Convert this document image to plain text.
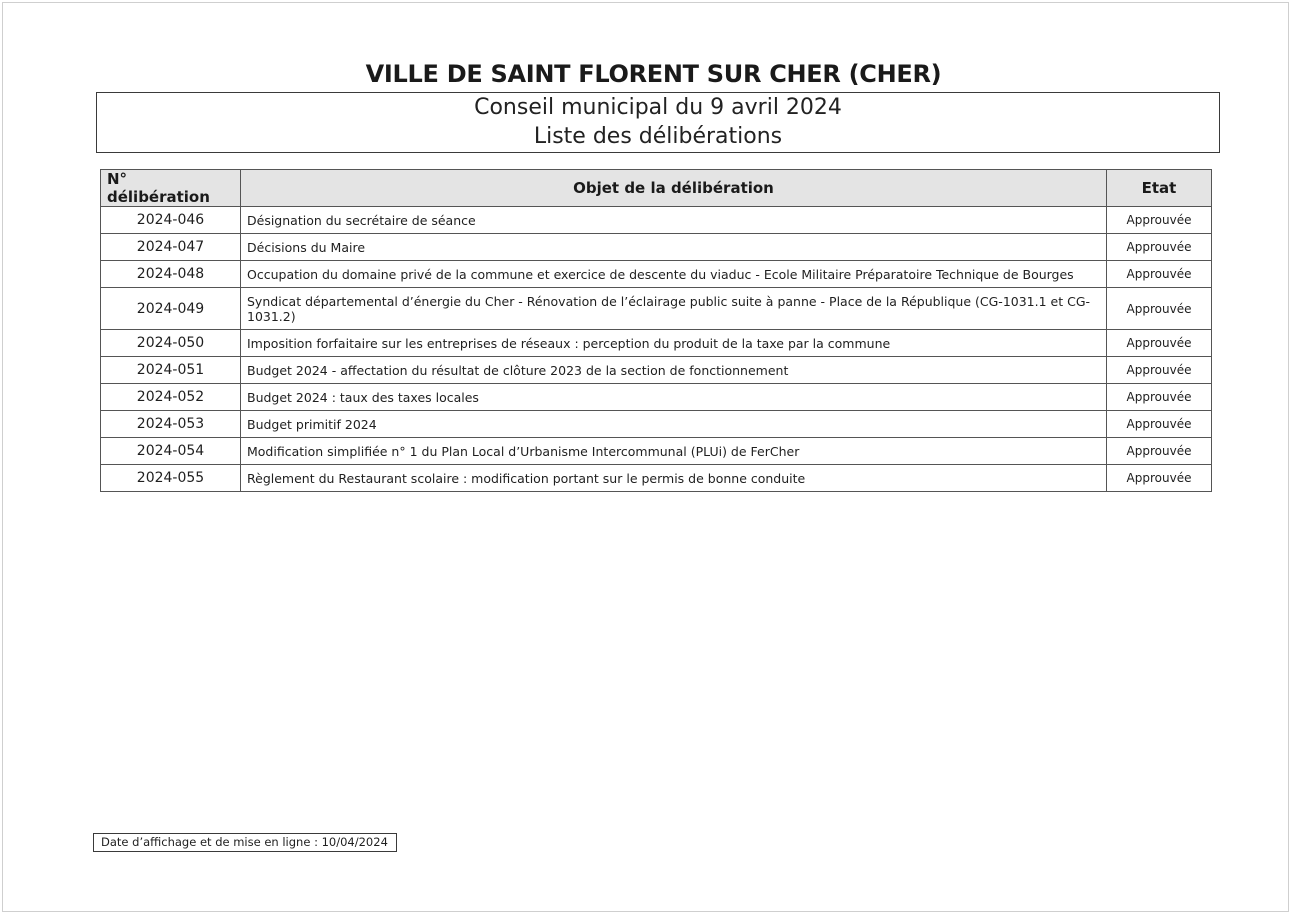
VILLE DE SAINT FLORENT SUR CHER (CHER)
Conseil municipal du 9 avril 2024
Liste des délibérations
N° délibération	Objet de la délibération	Etat
2024-046	Désignation du secrétaire de séance	Approuvée
2024-047	Décisions du Maire	Approuvée
2024-048	Occupation du domaine privé de la commune et exercice de descente du viaduc - Ecole Militaire Préparatoire Technique de Bourges	Approuvée
2024-049	Syndicat départemental d’énergie du Cher - Rénovation de l’éclairage public suite à panne - Place de la République (CG-1031.1 et CG-1031.2)	Approuvée
2024-050	Imposition forfaitaire sur les entreprises de réseaux : perception du produit de la taxe par la commune	Approuvée
2024-051	Budget 2024 - affectation du résultat de clôture 2023 de la section de fonctionnement	Approuvée
2024-052	Budget 2024 : taux des taxes locales	Approuvée
2024-053	Budget primitif 2024	Approuvée
2024-054	Modification simplifiée n° 1 du Plan Local d’Urbanisme Intercommunal (PLUi) de FerCher	Approuvée
2024-055	Règlement du Restaurant scolaire : modification portant sur le permis de bonne conduite	Approuvée
Date d’affichage et de mise en ligne : 10/04/2024
